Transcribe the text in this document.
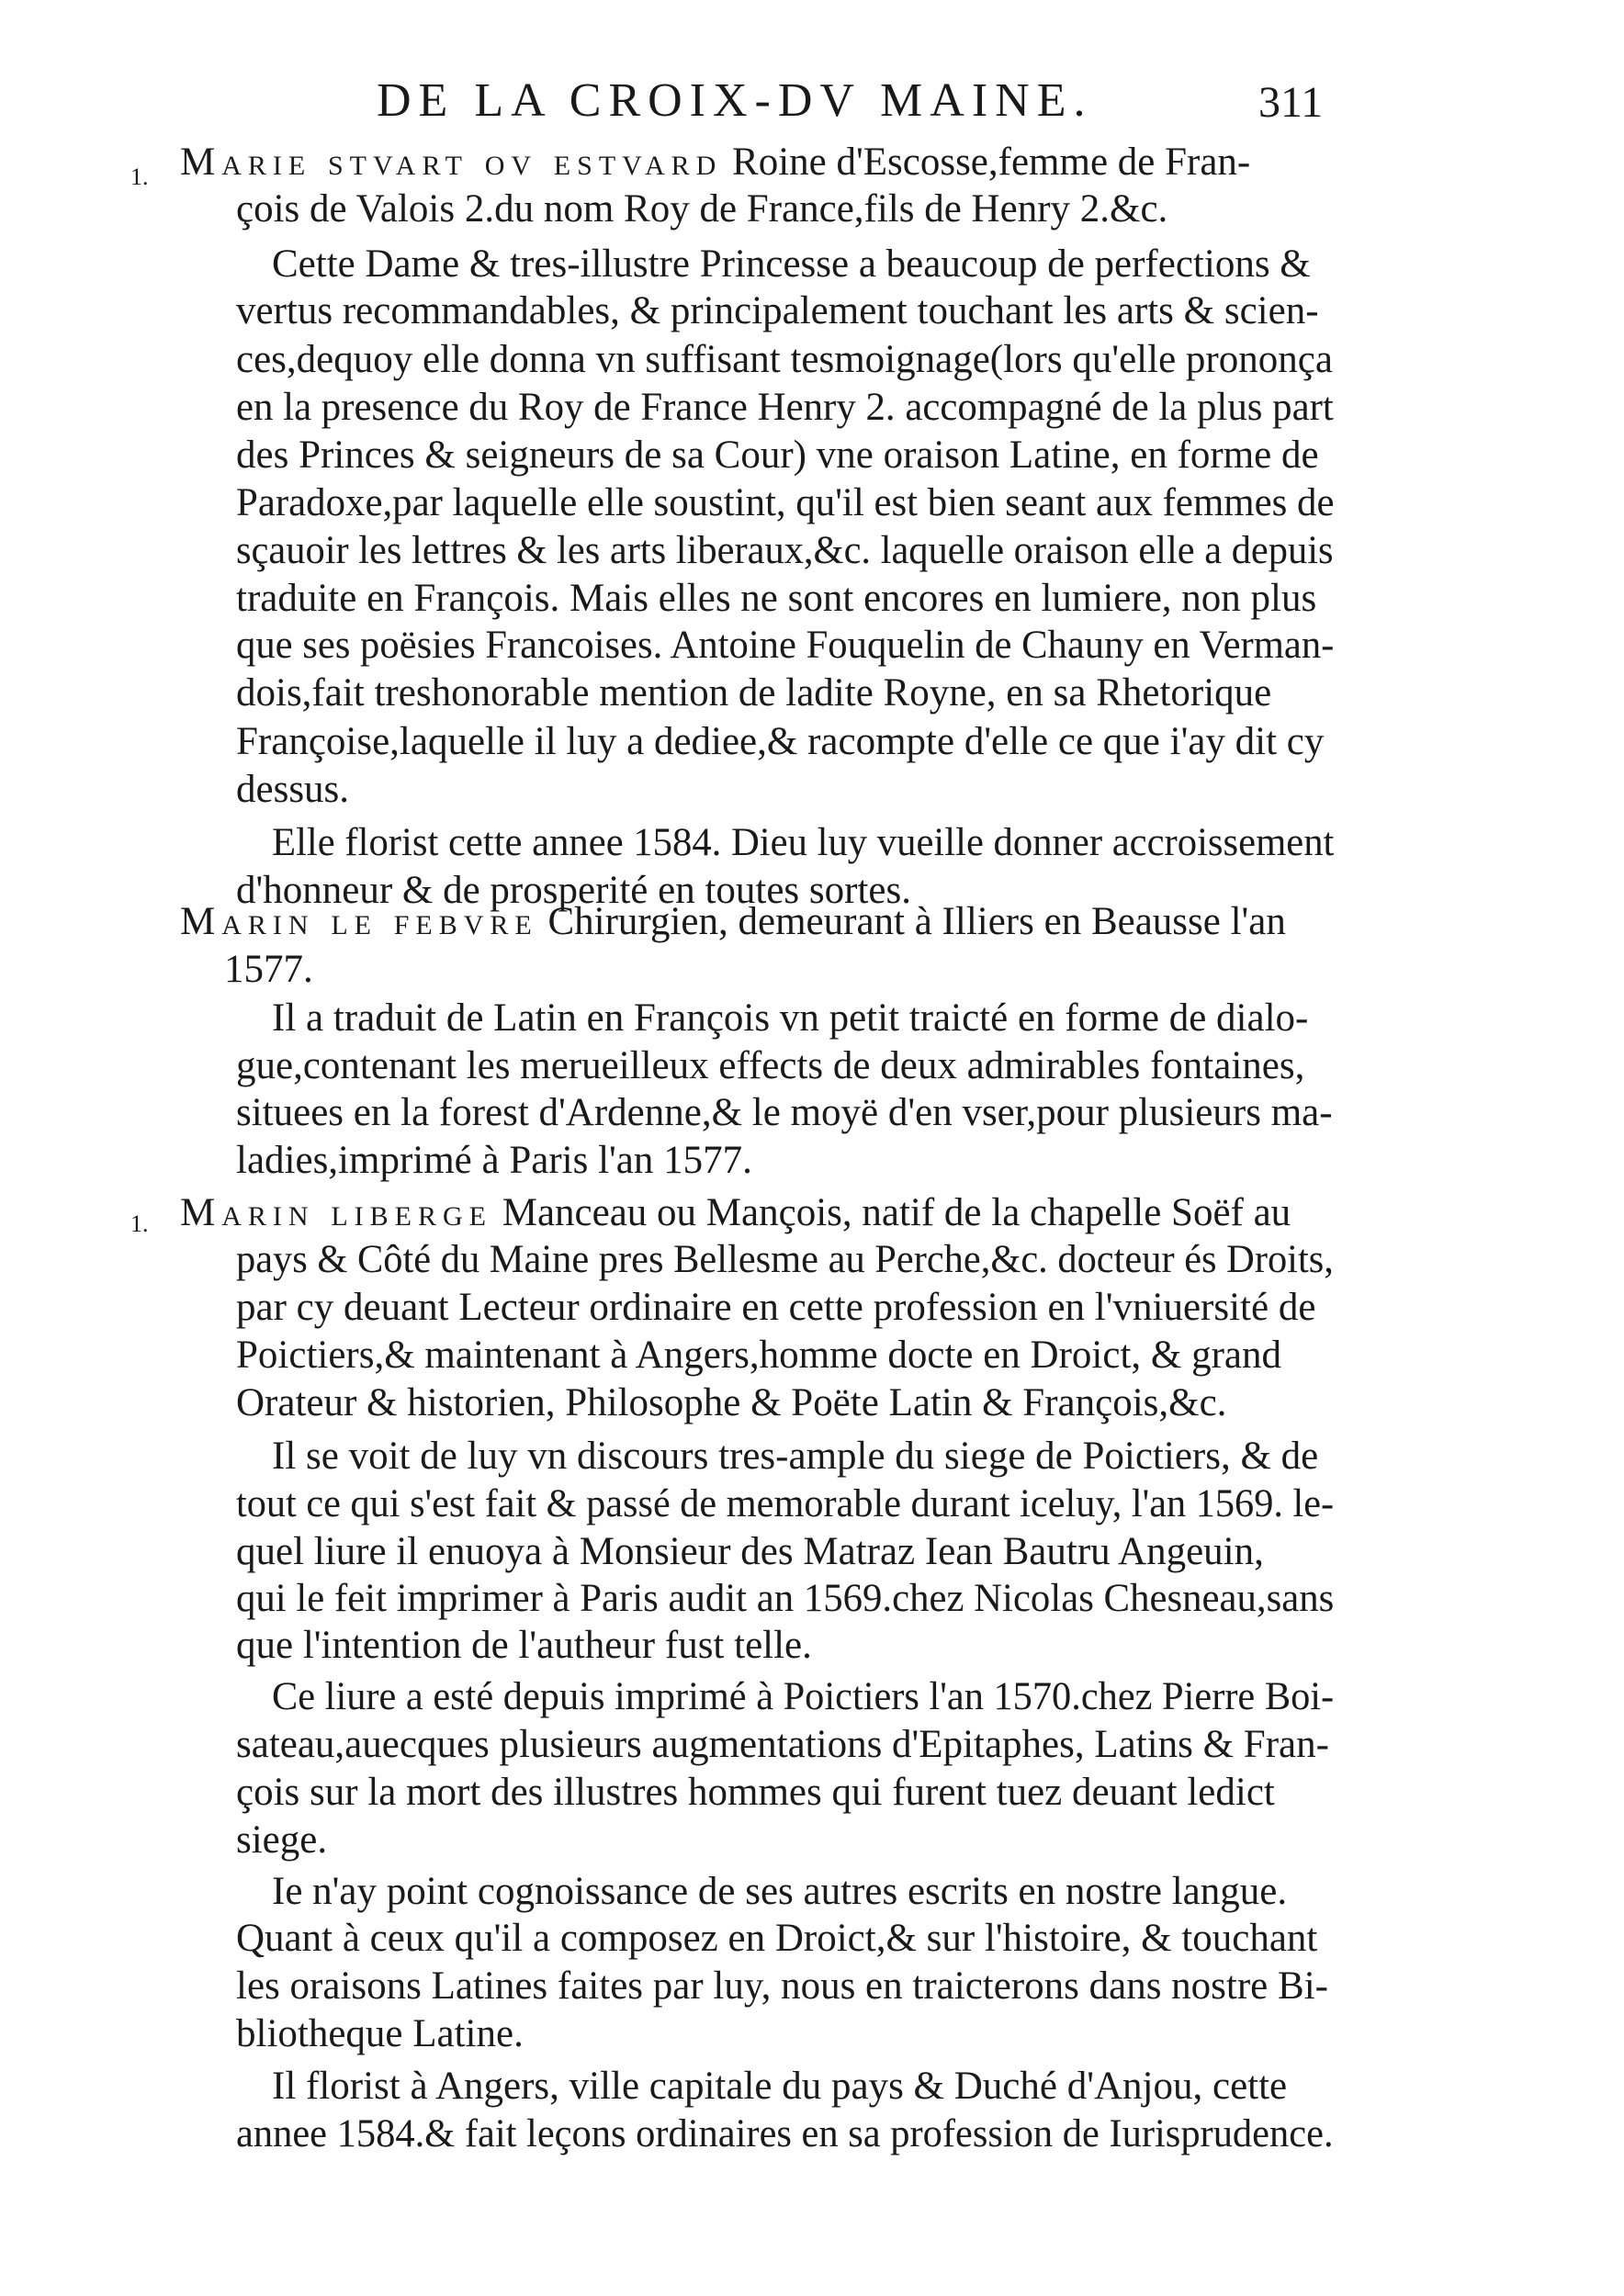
DE LA CROIX-DV MAINE.	311
Marie stvart ov estvard Roine d'Escosse,femme de Fran-
çois de Valois 2.du nom Roy de France,fils de Henry 2.&c.
Cette Dame & tres-illustre Princesse a beaucoup de perfections &
vertus recommandables, & principalement touchant les arts & scien-
ces,dequoy elle donna vn suffisant tesmoignage(lors qu'elle prononça
en la presence du Roy de France Henry 2. accompagné de la plus part
des Princes & seigneurs de sa Cour) vne oraison Latine, en forme de
Paradoxe,par laquelle elle soustint, qu'il est bien seant aux femmes de
sçauoir les lettres & les arts liberaux,&c. laquelle oraison elle a depuis
traduite en François. Mais elles ne sont encores en lumiere, non plus
que ses poësies Francoises. Antoine Fouquelin de Chauny en Verman-
dois,fait treshonorable mention de ladite Royne, en sa Rhetorique
Françoise,laquelle il luy a dediee,& racompte d'elle ce que i'ay dit cy
dessus.
Elle florist cette annee 1584. Dieu luy vueille donner accroissement
d'honneur & de prosperité en toutes sortes.
Marin le febvre Chirurgien, demeurant à Illiers en Beausse l'an
1577.
Il a traduit de Latin en François vn petit traicté en forme de dialo-
gue,contenant les merueilleux effects de deux admirables fontaines,
situees en la forest d'Ardenne,& le moyë d'en vser,pour plusieurs ma-
ladies,imprimé à Paris l'an 1577.
Marin liberge Manceau ou Mançois, natif de la chapelle Soëf au
pays & Côté du Maine pres Bellesme au Perche,&c. docteur és Droits,
par cy deuant Lecteur ordinaire en cette profession en l'vniuersité de
Poictiers,& maintenant à Angers,homme docte en Droict, & grand
Orateur & historien, Philosophe & Poëte Latin & François,&c.
Il se voit de luy vn discours tres-ample du siege de Poictiers, & de
tout ce qui s'est fait & passé de memorable durant iceluy, l'an 1569. le-
quel liure il enuoya à Monsieur des Matraz Iean Bautru Angeuin,
qui le feit imprimer à Paris audit an 1569.chez Nicolas Chesneau,sans
que l'intention de l'autheur fust telle.
Ce liure a esté depuis imprimé à Poictiers l'an 1570.chez Pierre Boi-
sateau,auecques plusieurs augmentations d'Epitaphes, Latins & Fran-
çois sur la mort des illustres hommes qui furent tuez deuant ledict
siege.
Ie n'ay point cognoissance de ses autres escrits en nostre langue.
Quant à ceux qu'il a composez en Droict,& sur l'histoire, & touchant
les oraisons Latines faites par luy, nous en traicterons dans nostre Bi-
bliotheque Latine.
Il florist à Angers, ville capitale du pays & Duché d'Anjou, cette
annee 1584.& fait leçons ordinaires en sa profession de Iurisprudence.
1.
1.
